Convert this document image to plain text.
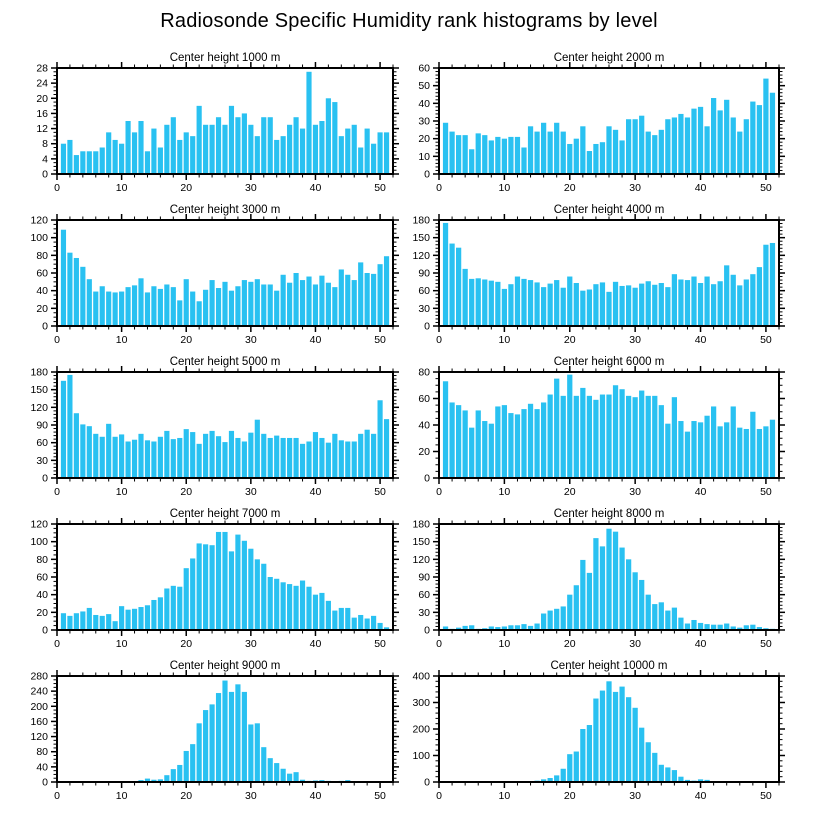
Radiosonde Specific Humidity rank histograms by level
Center height 1000 m
0	10	20	30	40	50
0
4
8
12
16
20
24
28
Center height 2000 m
0	10	20	30	40	50
0
10
20
30
40
50
60
Center height 3000 m
0	10	20	30	40	50
0
20
40
60
80
100
120
Center height 4000 m
0	10	20	30	40	50
0
30
60
90
120
150
180
Center height 5000 m
0	10	20	30	40	50
0
30
60
90
120
150
180
Center height 6000 m
0	10	20	30	40	50
0
20
40
60
80
Center height 7000 m
0	10	20	30	40	50
0
20
40
60
80
100
120
Center height 8000 m
0	10	20	30	40	50
0
30
60
90
120
150
180
Center height 9000 m
0	10	20	30	40	50
0
40
80
120
160
200
240
280
Center height 10000 m
0	10	20	30	40	50
0
100
200
300
400
